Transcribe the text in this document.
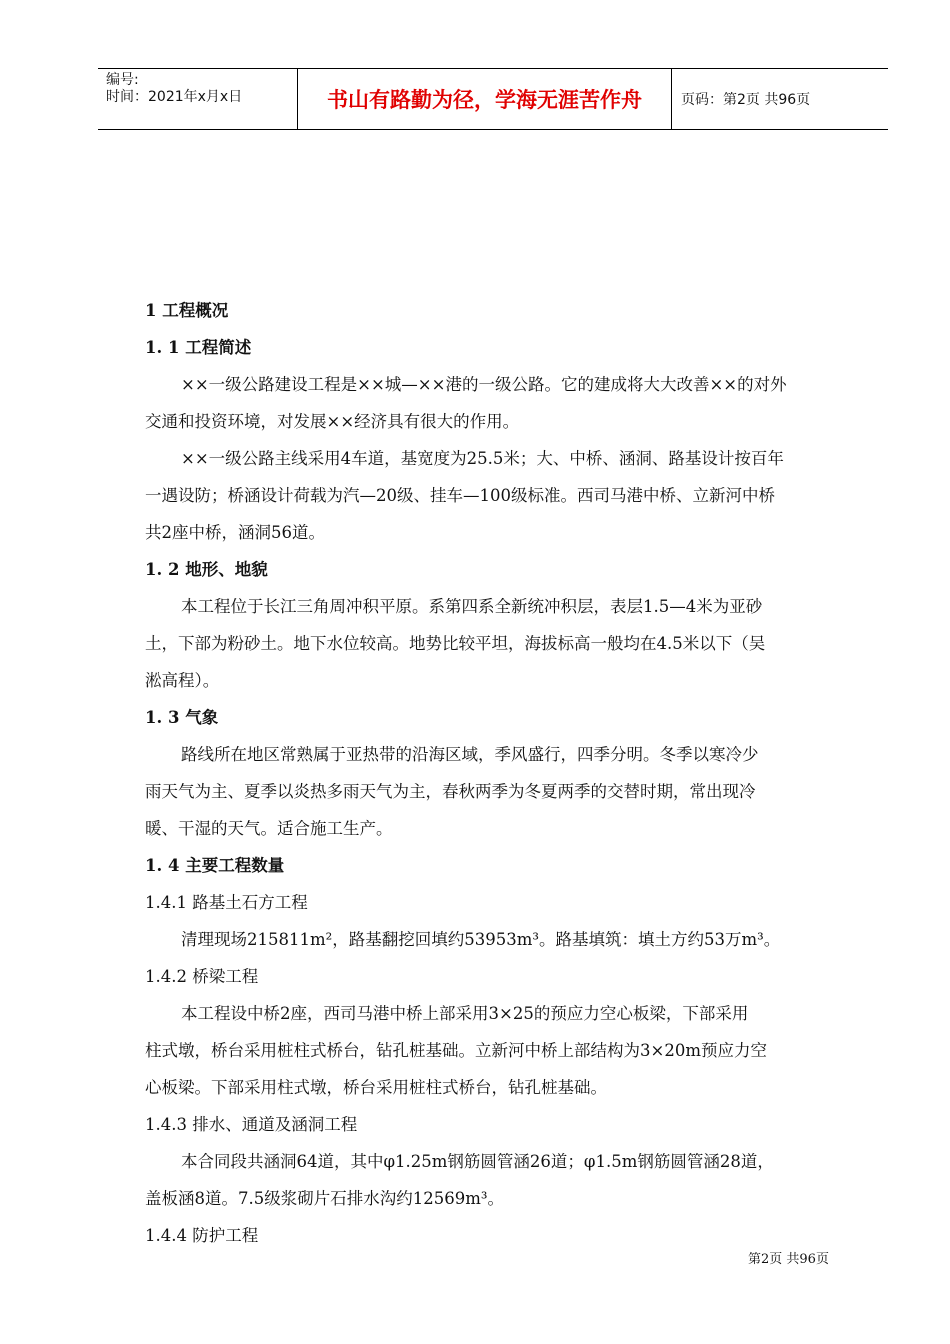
编号:
时间：2021年x月x日	书山有路勤为径，学海无涯苦作舟	页码：第2页 共96页

1 工程概况

1. 1 工程简述

××一级公路建设工程是××城—××港的一级公路。它的建成将大大改善××的对外

交通和投资环境，对发展××经济具有很大的作用。

××一级公路主线采用4车道，基宽度为25.5米；大、中桥、涵洞、路基设计按百年

一遇设防；桥涵设计荷载为汽—20级、挂车—100级标准。西司马港中桥、立新河中桥

共2座中桥，涵洞56道。

1. 2 地形、地貌

本工程位于长江三角周冲积平原。系第四系全新统冲积层，表层1.5—4米为亚砂

土，下部为粉砂土。地下水位较高。地势比较平坦，海拔标高一般均在4.5米以下（吴

淞高程）。

1. 3 气象

路线所在地区常熟属于亚热带的沿海区域，季风盛行，四季分明。冬季以寒冷少

雨天气为主、夏季以炎热多雨天气为主，春秋两季为冬夏两季的交替时期，常出现冷

暖、干湿的天气。适合施工生产。

1. 4 主要工程数量

1.4.1 路基土石方工程

清理现场215811m²，路基翻挖回填约53953m³。路基填筑：填土方约53万m³。

1.4.2 桥梁工程

本工程设中桥2座，西司马港中桥上部采用3×25的预应力空心板梁，下部采用

柱式墩，桥台采用桩柱式桥台，钻孔桩基础。立新河中桥上部结构为3×20m预应力空

心板梁。下部采用柱式墩，桥台采用桩柱式桥台，钻孔桩基础。

1.4.3 排水、通道及涵洞工程

本合同段共涵洞64道，其中φ1.25m钢筋圆管涵26道；φ1.5m钢筋圆管涵28道，

盖板涵8道。7.5级浆砌片石排水沟约12569m³。

1.4.4 防护工程

第2页 共96页
